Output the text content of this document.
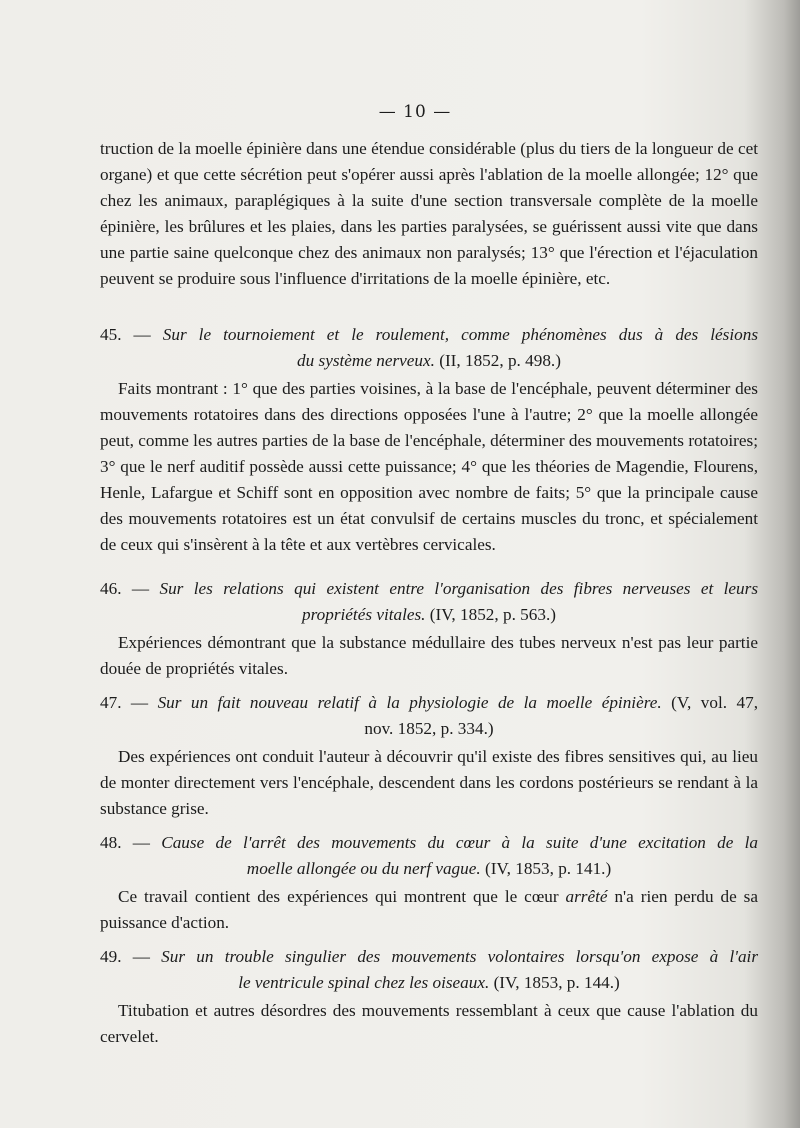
— 10 —

truction de la moelle épinière dans une étendue considérable (plus du tiers de la longueur de cet organe) et que cette sécrétion peut s'opérer aussi après l'ablation de la moelle allongée; 12° que chez les animaux, paraplégiques à la suite d'une section transversale complète de la moelle épinière, les brûlures et les plaies, dans les parties paralysées, se guérissent aussi vite que dans une partie saine quelconque chez des animaux non paralysés; 13° que l'érection et l'éjaculation peuvent se produire sous l'influence d'irritations de la moelle épinière, etc.

45. — Sur le tournoiement et le roulement, comme phénomènes dus à des lésions
du système nerveux. (II, 1852, p. 498.)

Faits montrant : 1° que des parties voisines, à la base de l'encéphale, peuvent déterminer des mouvements rotatoires dans des directions opposées l'une à l'autre; 2° que la moelle allongée peut, comme les autres parties de la base de l'encéphale, déterminer des mouvements rotatoires; 3° que le nerf auditif possède aussi cette puissance; 4° que les théories de Magendie, Flourens, Henle, Lafargue et Schiff sont en opposition avec nombre de faits; 5° que la principale cause des mouvements rotatoires est un état convulsif de certains muscles du tronc, et spécialement de ceux qui s'insèrent à la tête et aux vertèbres cervicales.

46. — Sur les relations qui existent entre l'organisation des fibres nerveuses et leurs
propriétés vitales. (IV, 1852, p. 563.)

Expériences démontrant que la substance médullaire des tubes nerveux n'est pas leur partie douée de propriétés vitales.

47. — Sur un fait nouveau relatif à la physiologie de la moelle épinière. (V, vol. 47,
nov. 1852, p. 334.)

Des expériences ont conduit l'auteur à découvrir qu'il existe des fibres sensitives qui, au lieu de monter directement vers l'encéphale, descendent dans les cordons postérieurs se rendant à la substance grise.

48. — Cause de l'arrêt des mouvements du cœur à la suite d'une excitation de la
moelle allongée ou du nerf vague. (IV, 1853, p. 141.)

Ce travail contient des expériences qui montrent que le cœur arrêté n'a rien perdu de sa puissance d'action.

49. — Sur un trouble singulier des mouvements volontaires lorsqu'on expose à l'air
le ventricule spinal chez les oiseaux. (IV, 1853, p. 144.)

Titubation et autres désordres des mouvements ressemblant à ceux que cause l'ablation du cervelet.
